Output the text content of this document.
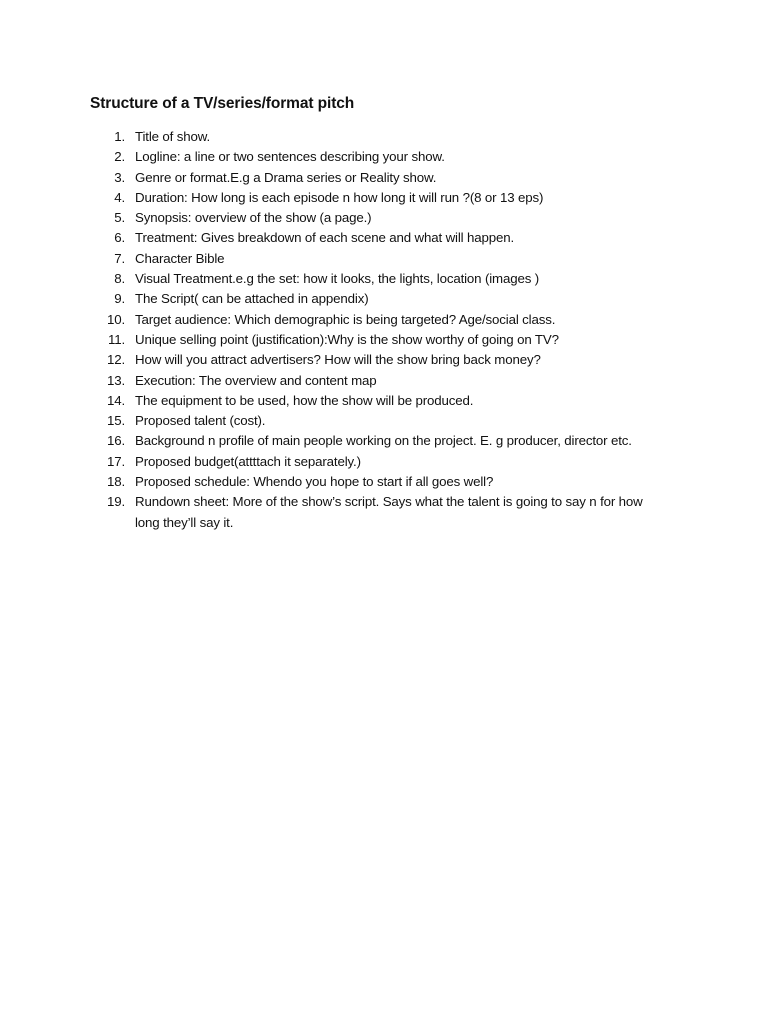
Structure of a TV/series/format pitch
1. Title of show.
2. Logline: a line or two sentences describing your show.
3. Genre or format.E.g a Drama series or Reality show.
4. Duration: How long is each episode n how long it will run ?(8 or 13 eps)
5. Synopsis: overview of the show (a page.)
6. Treatment: Gives breakdown of each scene and what will happen.
7. Character Bible
8. Visual Treatment.e.g the set: how it looks, the lights, location (images )
9. The Script( can be attached in appendix)
10. Target audience: Which demographic is being targeted? Age/social class.
11. Unique selling point (justification):Why is the show worthy of going on TV?
12. How will you attract advertisers? How will the show bring back money?
13. Execution: The overview and content map
14. The equipment to be used, how the show will be produced.
15. Proposed talent (cost).
16. Background n profile of main people working on the project. E. g producer, director etc.
17. Proposed budget(attttach it separately.)
18. Proposed schedule: Whendo you hope to start if all goes well?
19. Rundown sheet: More of the show’s script. Says what the talent is going to say n for how long they’ll say it.
